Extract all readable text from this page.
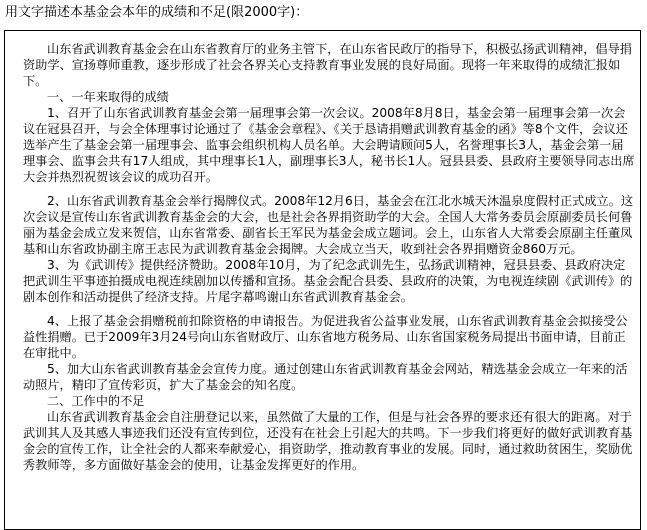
用文字描述本基金会本年的成绩和不足(限2000字)：

山东省武训教育基金会在山东省教育厅的业务主管下，在山东省民政厅的指导下，积极弘扬武训精神，倡导捐资助学、宣扬尊师重教，逐步形成了社会各界关心支持教育事业发展的良好局面。现将一年来取得的成绩汇报如下。

一、一年来取得的成绩

1、召开了山东省武训教育基金会第一届理事会第一次会议。2008年8月8日，基金会第一届理事会第一次会议在冠县召开，与会全体理事讨论通过了《基金会章程》、《关于恳请捐赠武训教育基金的函》等8个文件，会议还选举产生了基金会第一届理事会、监事会组织机构人员名单。大会聘请顾问5人，名誉理事长3人，基金会第一届理事会、监事会共有17人组成，其中理事长1人，副理事长3人，秘书长1人。冠县县委、县政府主要领导同志出席大会并热烈祝贺该会议的成功召开。

2、山东省武训教育基金会举行揭牌仪式。2008年12月6日，基金会在江北水城天沐温泉度假村正式成立。这次会议是宣传山东省武训教育基金会的大会，也是社会各界捐资助学的大会。全国人大常务委员会原副委员长何鲁丽为基金会成立发来贺信，山东省常委、副省长王军民为基金会成立题词。会上，山东省人大常委会原副主任董凤基和山东省政协副主席王志民为武训教育基金会揭牌。大会成立当天，收到社会各界捐赠资金860万元。

3、为《武训传》提供经济赞助。2008年10月，为了纪念武训先生，弘扬武训精神，冠县县委、县政府决定把武训生平事迹拍摄成电视连续剧加以传播和宣扬。基金会配合县委、县政府的决策，为电视连续剧《武训传》的剧本创作和活动提供了经济支持。片尾字幕鸣谢山东省武训教育基金会。

4、上报了基金会捐赠税前扣除资格的申请报告。为促进我省公益事业发展，山东省武训教育基金会拟接受公益性捐赠。已于2009年3月24号向山东省财政厅、山东省地方税务局、山东省国家税务局提出书面申请，目前正在审批中。

5、加大山东省武训教育基金会宣传力度。通过创建山东省武训教育基金会网站，精选基金会成立一年来的活动照片，精印了宣传彩页，扩大了基金会的知名度。

二、工作中的不足

山东省武训教育基金会自注册登记以来，虽然做了大量的工作，但是与社会各界的要求还有很大的距离。对于武训其人及其感人事迹我们还没有宣传到位，还没有在社会上引起大的共鸣。下一步我们将更好的做好武训教育基金会的宣传工作，让全社会的人都来奉献爱心，捐资助学，推动教育事业的发展。同时，通过救助贫困生，奖励优秀教师等，多方面做好基金会的使用，让基金发挥更好的作用。
